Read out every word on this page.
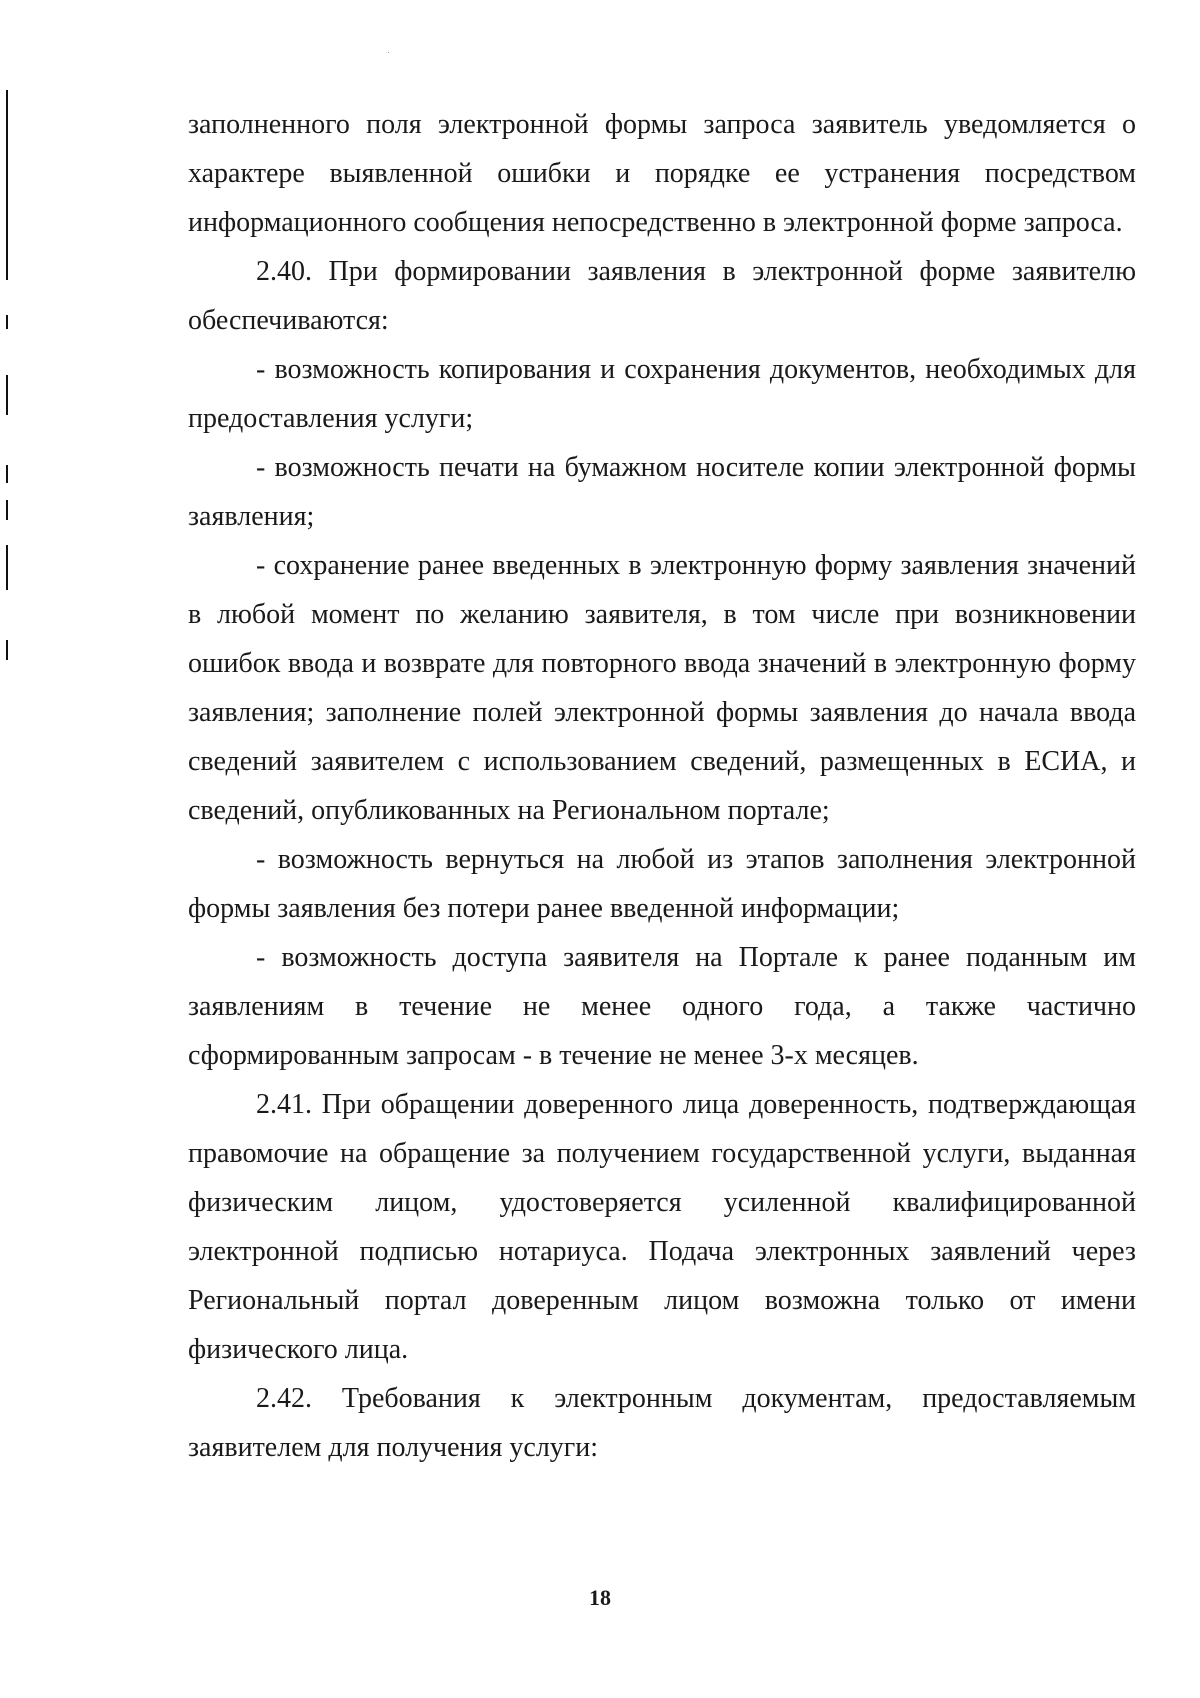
заполненного поля электронной формы запроса заявитель уведомляется о характере выявленной ошибки и порядке ее устранения посредством информационного сообщения непосредственно в электронной форме запроса.

2.40. При формировании заявления в электронной форме заявителю обеспечиваются:

- возможность копирования и сохранения документов, необходимых для предоставления услуги;

- возможность печати на бумажном носителе копии электронной формы заявления;

- сохранение ранее введенных в электронную форму заявления значений в любой момент по желанию заявителя, в том числе при возникновении ошибок ввода и возврате для повторного ввода значений в электронную форму заявления; заполнение полей электронной формы заявления до начала ввода сведений заявителем с использованием сведений, размещенных в ЕСИА, и сведений, опубликованных на Региональном портале;

- возможность вернуться на любой из этапов заполнения электронной формы заявления без потери ранее введенной информации;

- возможность доступа заявителя на Портале к ранее поданным им заявлениям в течение не менее одного года, а также частично сформированным запросам - в течение не менее 3-х месяцев.

2.41. При обращении доверенного лица доверенность, подтверждающая правомочие на обращение за получением государственной услуги, выданная физическим лицом, удостоверяется усиленной квалифицированной электронной подписью нотариуса. Подача электронных заявлений через Региональный портал доверенным лицом возможна только от имени физического лица.

2.42. Требования к электронным документам, предоставляемым заявителем для получения услуги:

18
